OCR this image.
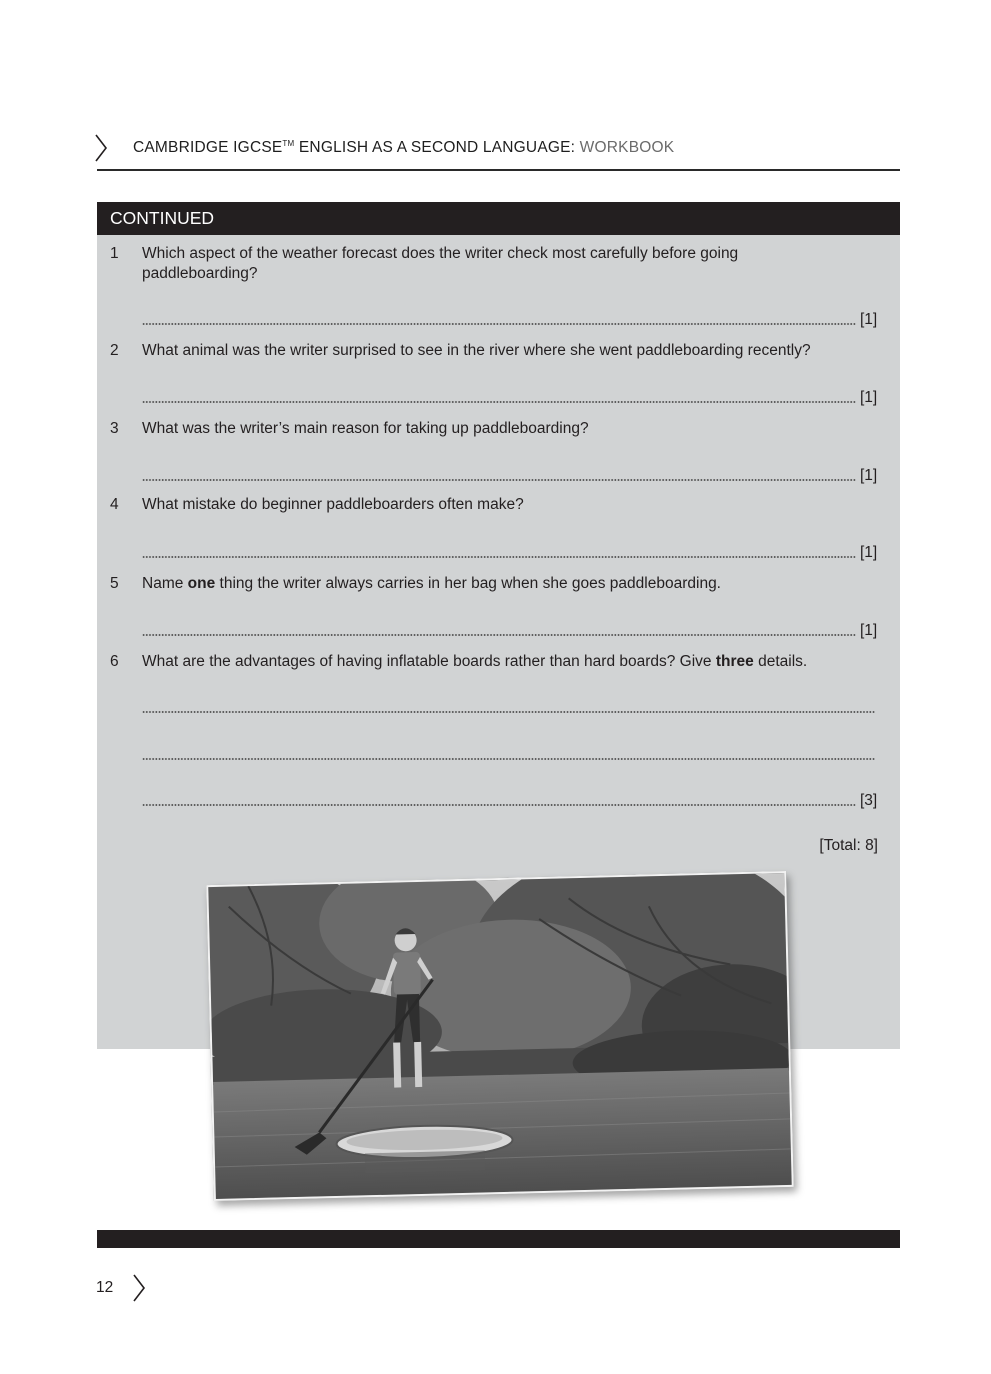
CAMBRIDGE IGCSE™ ENGLISH AS A SECOND LANGUAGE: WORKBOOK
CONTINUED
1 Which aspect of the weather forecast does the writer check most carefully before going paddleboarding?
[1]
2 What animal was the writer surprised to see in the river where she went paddleboarding recently?
[1]
3 What was the writer’s main reason for taking up paddleboarding?
[1]
4 What mistake do beginner paddleboarders often make?
[1]
5 Name one thing the writer always carries in her bag when she goes paddleboarding.
[1]
6 What are the advantages of having inflatable boards rather than hard boards? Give three details.
[3]
[Total: 8]
12
